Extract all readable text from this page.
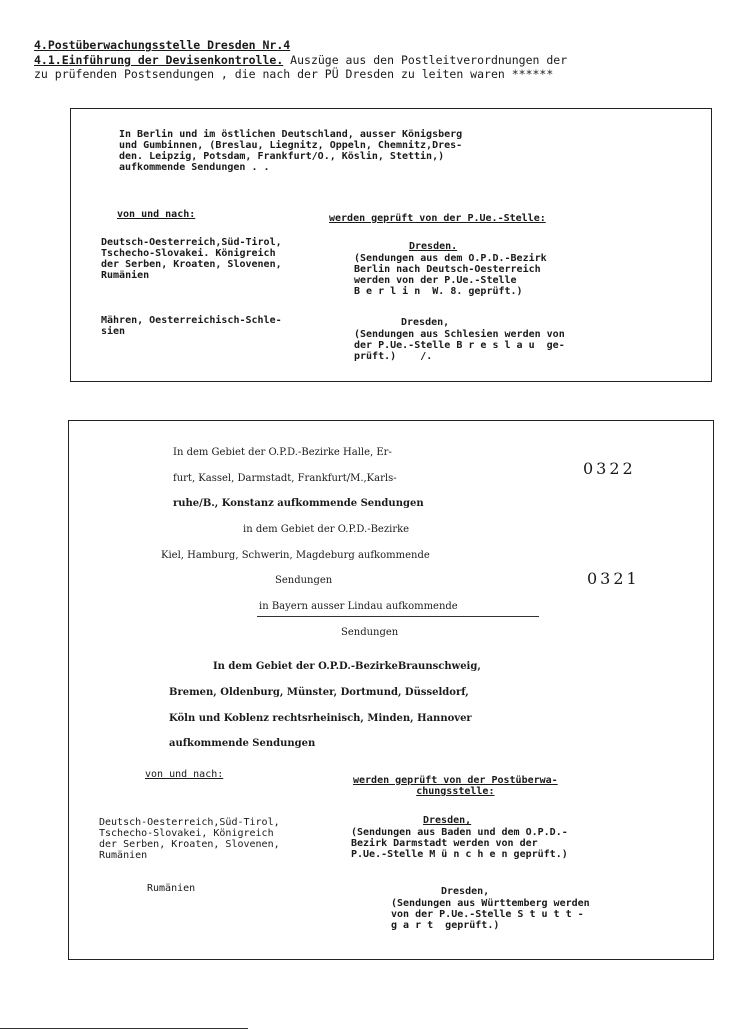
4.Postüberwachungsstelle Dresden Nr.4
4.1.Einführung der Devisenkontrolle. Auszüge aus den Postleitverordnungen der
zu prüfenden Postsendungen , die nach der PÜ Dresden zu leiten waren ******
In Berlin und im östlichen Deutschland, ausser Königsberg
und Gumbinnen, (Breslau, Liegnitz, Oppeln, Chemnitz,Dres-
den. Leipzig, Potsdam, Frankfurt/O., Köslin, Stettin,)
aufkommende Sendungen . .
von und nach:	werden geprüft von der P.Ue.-Stelle:
Deutsch-Oesterreich,Süd-Tirol,
Tschecho-Slovakei. Königreich
der Serben, Kroaten, Slovenen,
Rumänien
Dresden.
(Sendungen aus dem O.P.D.-Bezirk
Berlin nach Deutsch-Oesterreich
werden von der P.Ue.-Stelle
B e r l i n  W. 8. geprüft.)
Mähren, Oesterreichisch-Schle-
sien
Dresden,
(Sendungen aus Schlesien werden von
der P.Ue.-Stelle B r e s l a u  ge-
prüft.)    /.
In dem Gebiet der O.P.D.-Bezirke Halle, Er-
furt, Kassel, Darmstadt, Frankfurt/M.,Karls-
ruhe/B., Konstanz aufkommende Sendungen
in dem Gebiet der O.P.D.-Bezirke
Kiel, Hamburg, Schwerin, Magdeburg aufkommende
Sendungen
in Bayern ausser Lindau aufkommende
Sendungen
In dem Gebiet der O.P.D.-BezirkeBraunschweig,
Bremen, Oldenburg, Münster, Dortmund, Düsseldorf,
Köln und Koblenz rechtsrheinisch, Minden, Hannover
aufkommende Sendungen
0322
0321
von und nach:
werden geprüft von der Postüberwa-
chungsstelle:
Deutsch-Oesterreich,Süd-Tirol,
Tschecho-Slovakei, Königreich
der Serben, Kroaten, Slovenen,
Rumänien
Dresden,
(Sendungen aus Baden und dem O.P.D.-
Bezirk Darmstadt werden von der
P.Ue.-Stelle M ü n c h e n geprüft.)
Rumänien	Dresden,
(Sendungen aus Württemberg werden
von der P.Ue.-Stelle S t u t t -
g a r t  geprüft.)
